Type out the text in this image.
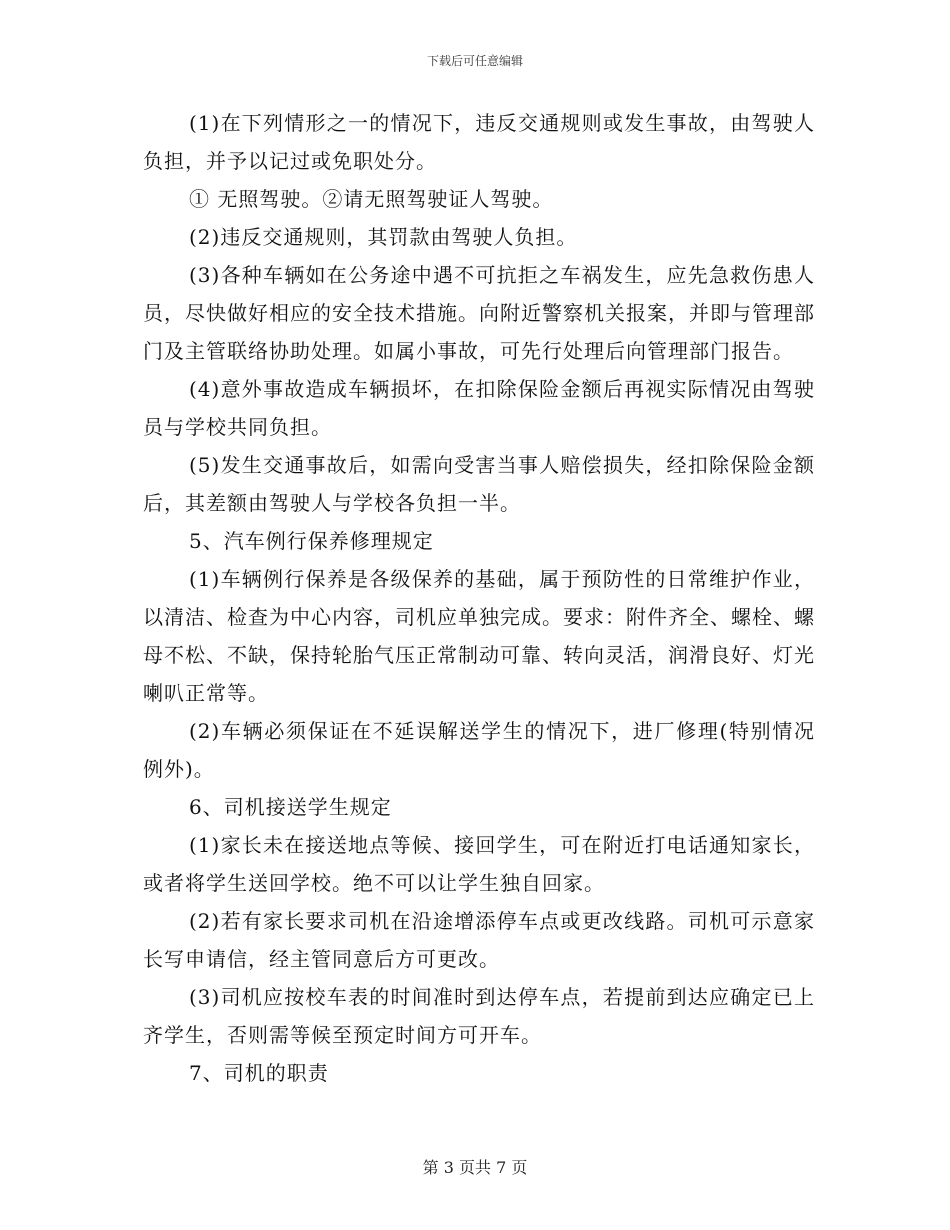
下载后可任意编辑

(1)在下列情形之一的情况下，违反交通规则或发生事故，由驾驶人负担，并予以记过或免职处分。

① 无照驾驶。②请无照驾驶证人驾驶。

(2)违反交通规则，其罚款由驾驶人负担。

(3)各种车辆如在公务途中遇不可抗拒之车祸发生，应先急救伤患人员，尽快做好相应的安全技术措施。向附近警察机关报案，并即与管理部门及主管联络协助处理。如属小事故，可先行处理后向管理部门报告。

(4)意外事故造成车辆损坏，在扣除保险金额后再视实际情况由驾驶员与学校共同负担。

(5)发生交通事故后，如需向受害当事人赔偿损失，经扣除保险金额后，其差额由驾驶人与学校各负担一半。

5、汽车例行保养修理规定

(1)车辆例行保养是各级保养的基础，属于预防性的日常维护作业，以清洁、检查为中心内容，司机应单独完成。要求：附件齐全、螺栓、螺母不松、不缺，保持轮胎气压正常制动可靠、转向灵活，润滑良好、灯光喇叭正常等。

(2)车辆必须保证在不延误解送学生的情况下，进厂修理(特别情况例外)。

6、司机接送学生规定

(1)家长未在接送地点等候、接回学生，可在附近打电话通知家长，或者将学生送回学校。绝不可以让学生独自回家。

(2)若有家长要求司机在沿途增添停车点或更改线路。司机可示意家长写申请信，经主管同意后方可更改。

(3)司机应按校车表的时间准时到达停车点，若提前到达应确定已上齐学生，否则需等候至预定时间方可开车。

7、司机的职责

第 3 页共 7 页
